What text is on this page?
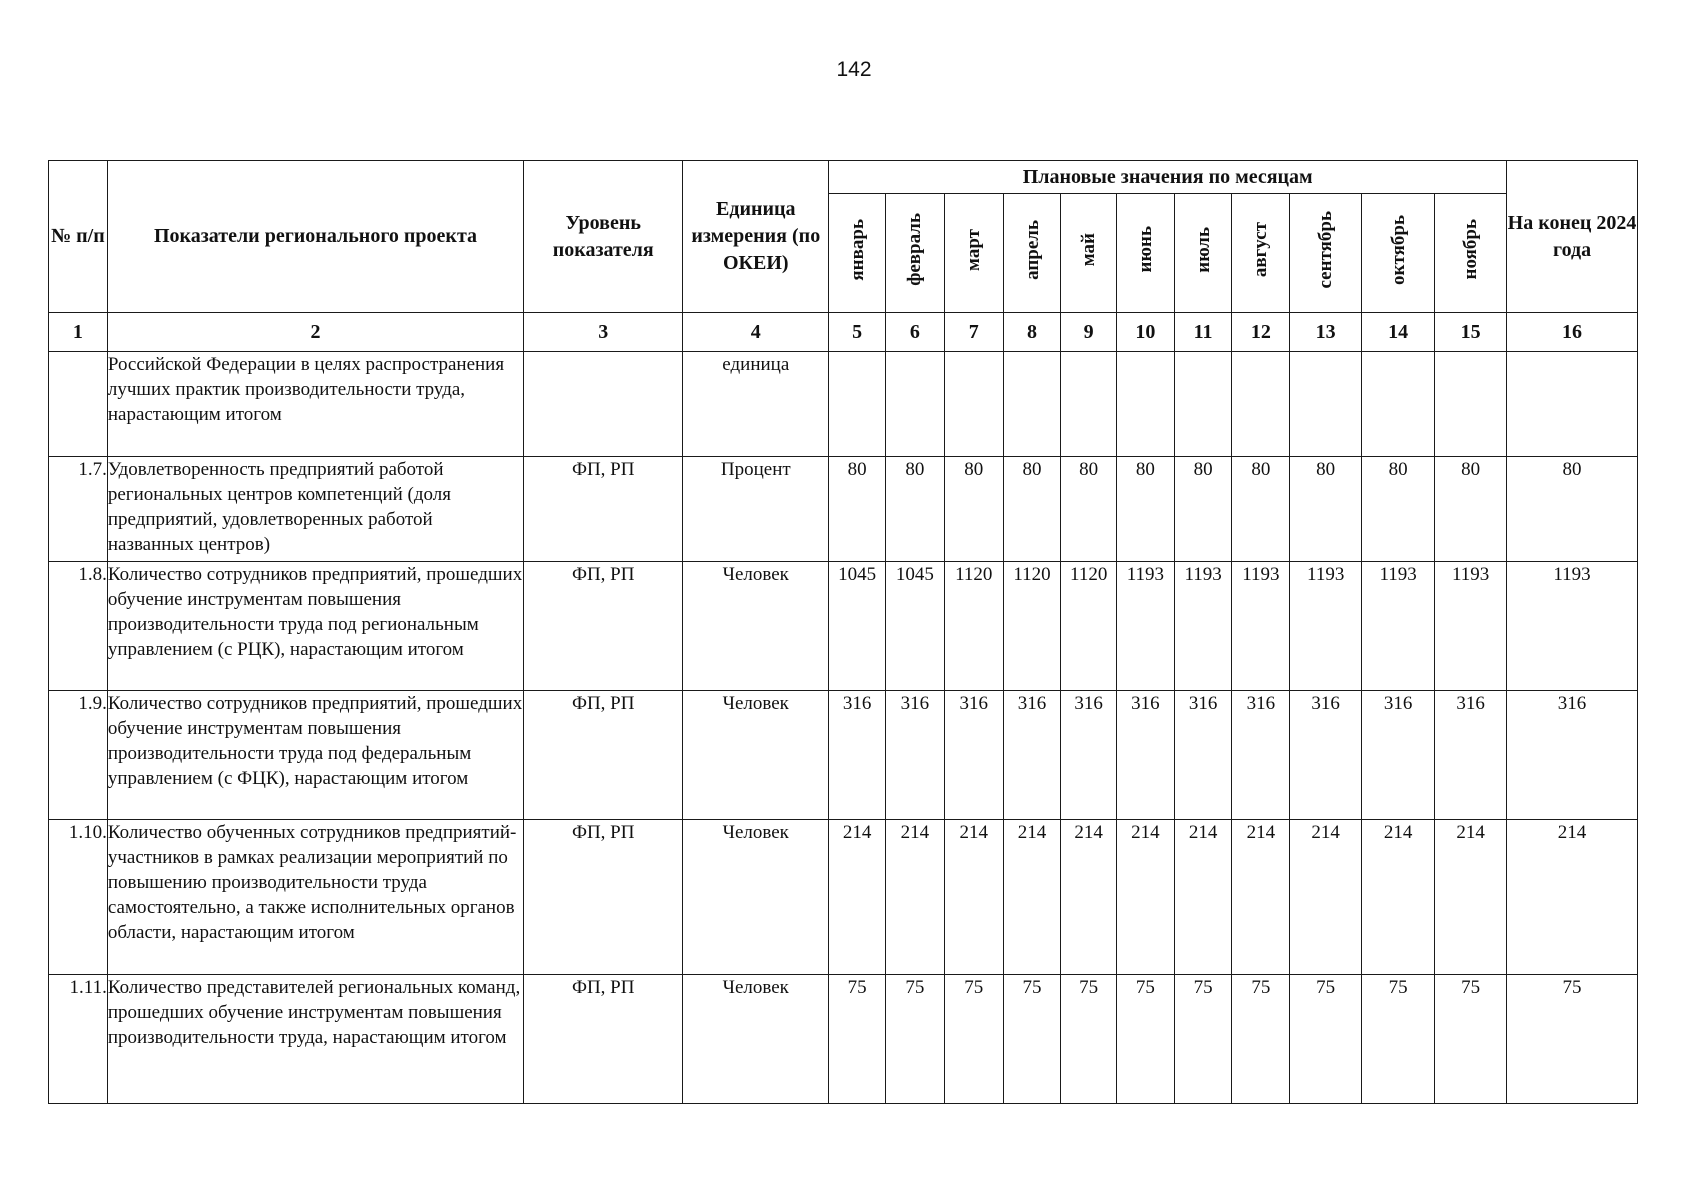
142
№ п/п	Показатели регионального проекта	Уровень показателя	Единица измерения (по ОКЕИ)	Плановые значения по месяцам											На конец 2024 года
				январь	февраль	март	апрель	май	июнь	июль	август	сентябрь	октябрь	ноябрь	
1	2	3	4	5	6	7	8	9	10	11	12	13	14	15	16
	Российской Федерации в целях распространения лучших практик производительности труда, нарастающим итогом		единица												
1.7.	Удовлетворенность предприятий работой региональных центров компетенций (доля предприятий, удовлетворенных работой названных центров)	ФП, РП	Процент	80	80	80	80	80	80	80	80	80	80	80	80
1.8.	Количество сотрудников предприятий, прошедших обучение инструментам повышения производительности труда под региональным управлением (с РЦК), нарастающим итогом	ФП, РП	Человек	1045	1045	1120	1120	1120	1193	1193	1193	1193	1193	1193	1193
1.9.	Количество сотрудников предприятий, прошедших обучение инструментам повышения производительности труда под федеральным управлением (с ФЦК), нарастающим итогом	ФП, РП	Человек	316	316	316	316	316	316	316	316	316	316	316	316
1.10.	Количество обученных сотрудников предприятий-участников в рамках реализации мероприятий по повышению производительности труда самостоятельно, а также исполнительных органов области, нарастающим итогом	ФП, РП	Человек	214	214	214	214	214	214	214	214	214	214	214	214
1.11.	Количество представителей региональных команд, прошедших обучение инструментам повышения производительности труда, нарастающим итогом	ФП, РП	Человек	75	75	75	75	75	75	75	75	75	75	75	75
